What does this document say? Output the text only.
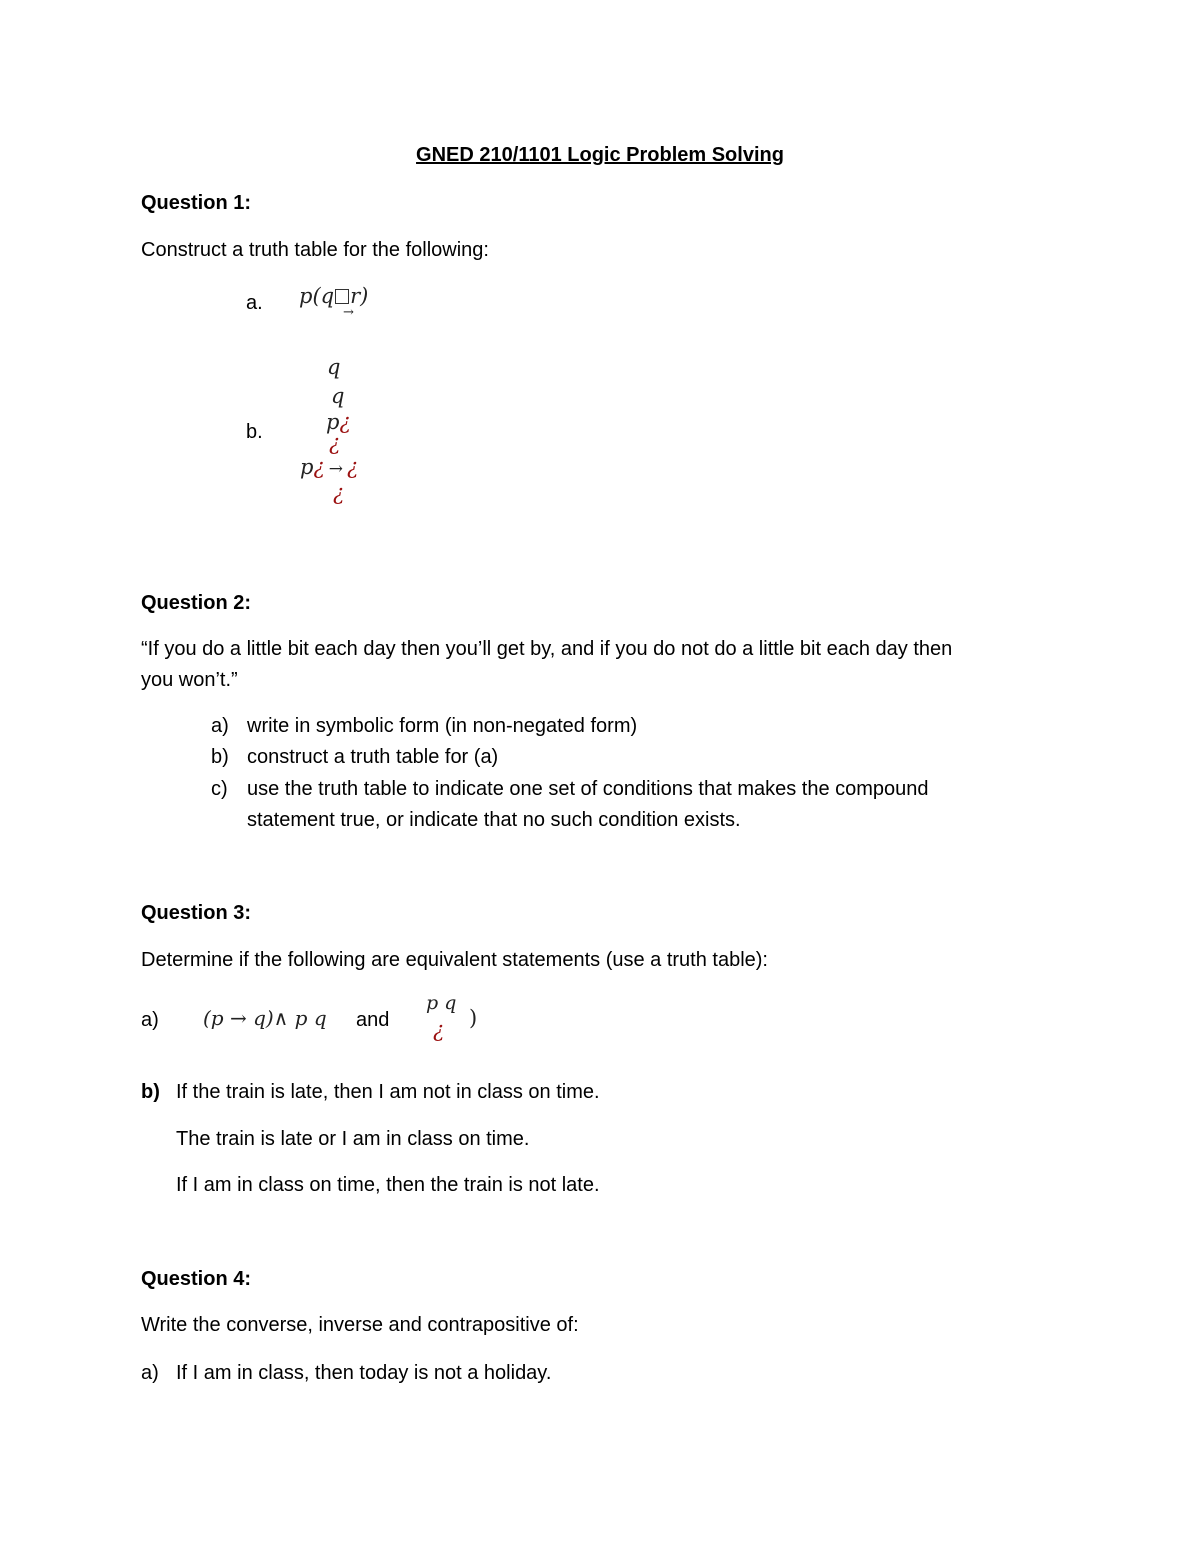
GNED 210/1101 Logic Problem Solving
Question 1:
Construct a truth table for the following:
a. p(q r)
→
b.
q
q
p¿
¿
p¿ → ¿
¿
Question 2:
“If you do a little bit each day then you’ll get by, and if you do not do a little bit each day then
you won’t.”
a) write in symbolic form (in non-negated form)
b) construct a truth table for (a)
c) use the truth table to indicate one set of conditions that makes the compound
statement true, or indicate that no such condition exists.
Question 3:
Determine if the following are equivalent statements (use a truth table):
a) (p → q)∧ p q and
p q
¿ )
b) If the train is late, then I am not in class on time.
The train is late or I am in class on time.
If I am in class on time, then the train is not late.
Question 4:
Write the converse, inverse and contrapositive of:
a) If I am in class, then today is not a holiday.
